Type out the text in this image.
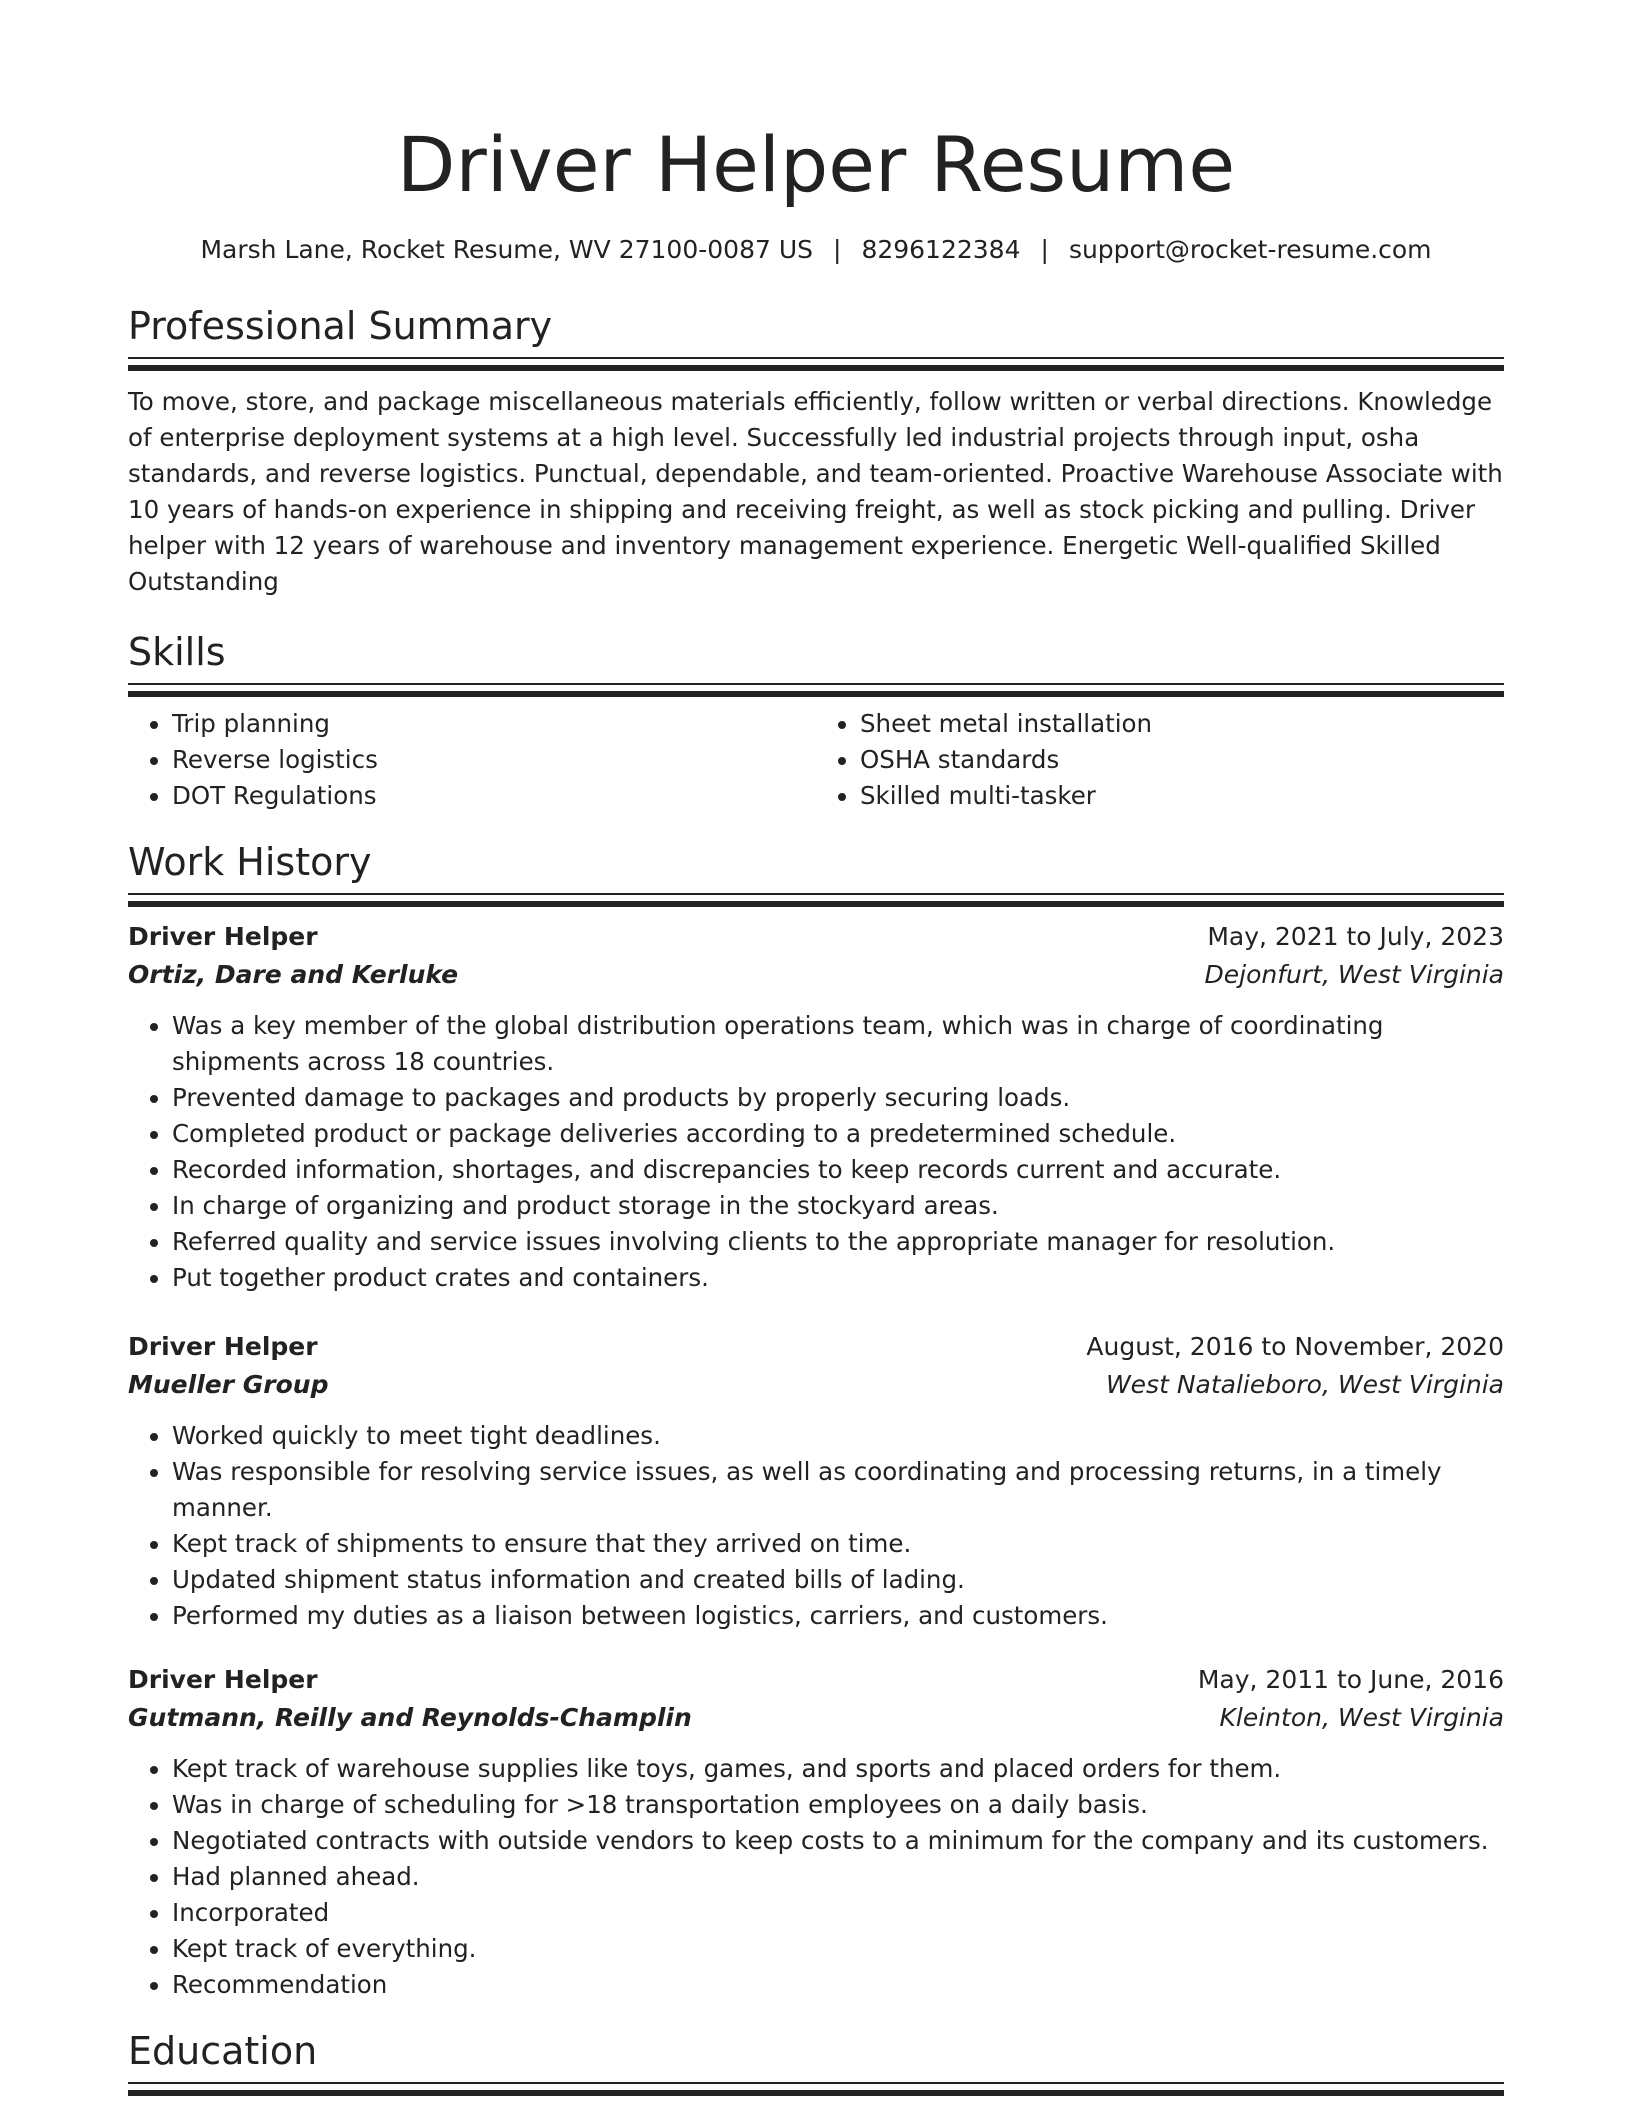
Driver Helper Resume
Marsh Lane, Rocket Resume, WV 27100-0087 US | 8296122384 | support@rocket-resume.com
Professional Summary
To move, store, and package miscellaneous materials efficiently, follow written or verbal directions. Knowledge of enterprise deployment systems at a high level. Successfully led industrial projects through input, osha standards, and reverse logistics. Punctual, dependable, and team-oriented. Proactive Warehouse Associate with 10 years of hands-on experience in shipping and receiving freight, as well as stock picking and pulling. Driver helper with 12 years of warehouse and inventory management experience. Energetic Well-qualified Skilled Outstanding
Skills
• Trip planning
• Reverse logistics
• DOT Regulations
• Sheet metal installation
• OSHA standards
• Skilled multi-tasker
Work History
Driver Helper	May, 2021 to July, 2023
Ortiz, Dare and Kerluke	Dejonfurt, West Virginia
• Was a key member of the global distribution operations team, which was in charge of coordinating shipments across 18 countries.
• Prevented damage to packages and products by properly securing loads.
• Completed product or package deliveries according to a predetermined schedule.
• Recorded information, shortages, and discrepancies to keep records current and accurate.
• In charge of organizing and product storage in the stockyard areas.
• Referred quality and service issues involving clients to the appropriate manager for resolution.
• Put together product crates and containers.
Driver Helper	August, 2016 to November, 2020
Mueller Group	West Natalieboro, West Virginia
• Worked quickly to meet tight deadlines.
• Was responsible for resolving service issues, as well as coordinating and processing returns, in a timely manner.
• Kept track of shipments to ensure that they arrived on time.
• Updated shipment status information and created bills of lading.
• Performed my duties as a liaison between logistics, carriers, and customers.
Driver Helper	May, 2011 to June, 2016
Gutmann, Reilly and Reynolds-Champlin	Kleinton, West Virginia
• Kept track of warehouse supplies like toys, games, and sports and placed orders for them.
• Was in charge of scheduling for >18 transportation employees on a daily basis.
• Negotiated contracts with outside vendors to keep costs to a minimum for the company and its customers.
• Had planned ahead.
• Incorporated
• Kept track of everything.
• Recommendation
Education
